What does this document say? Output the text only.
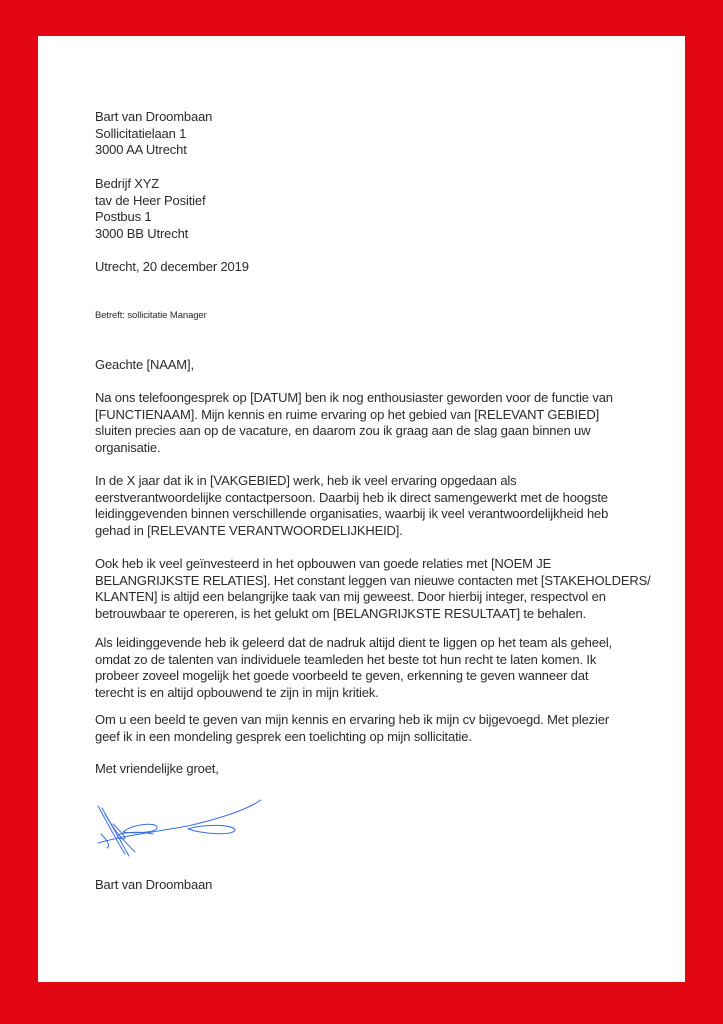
Bart van Droombaan
Sollicitatielaan 1
3000 AA Utrecht
Bedrijf XYZ
tav de Heer Positief
Postbus 1
3000 BB Utrecht
Utrecht, 20 december 2019
Betreft: sollicitatie Manager
Geachte [NAAM],
Na ons telefoongesprek op [DATUM] ben ik nog enthousiaster geworden voor de functie van
[FUNCTIENAAM]. Mijn kennis en ruime ervaring op het gebied van [RELEVANT GEBIED]
sluiten precies aan op de vacature, en daarom zou ik graag aan de slag gaan binnen uw
organisatie.
In de X jaar dat ik in [VAKGEBIED] werk, heb ik veel ervaring opgedaan als
eerstverantwoordelijke contactpersoon. Daarbij heb ik direct samengewerkt met de hoogste
leidinggevenden binnen verschillende organisaties, waarbij ik veel verantwoordelijkheid heb
gehad in [RELEVANTE VERANTWOORDELIJKHEID].
Ook heb ik veel geïnvesteerd in het opbouwen van goede relaties met [NOEM JE
BELANGRIJKSTE RELATIES]. Het constant leggen van nieuwe contacten met [STAKEHOLDERS/
KLANTEN] is altijd een belangrijke taak van mij geweest. Door hierbij integer, respectvol en
betrouwbaar te opereren, is het gelukt om [BELANGRIJKSTE RESULTAAT] te behalen.
Als leidinggevende heb ik geleerd dat de nadruk altijd dient te liggen op het team als geheel,
omdat zo de talenten van individuele teamleden het beste tot hun recht te laten komen. Ik
probeer zoveel mogelijk het goede voorbeeld te geven, erkenning te geven wanneer dat
terecht is en altijd opbouwend te zijn in mijn kritiek.
Om u een beeld te geven van mijn kennis en ervaring heb ik mijn cv bijgevoegd. Met plezier
geef ik in een mondeling gesprek een toelichting op mijn sollicitatie.
Met vriendelijke groet,
Bart van Droombaan
